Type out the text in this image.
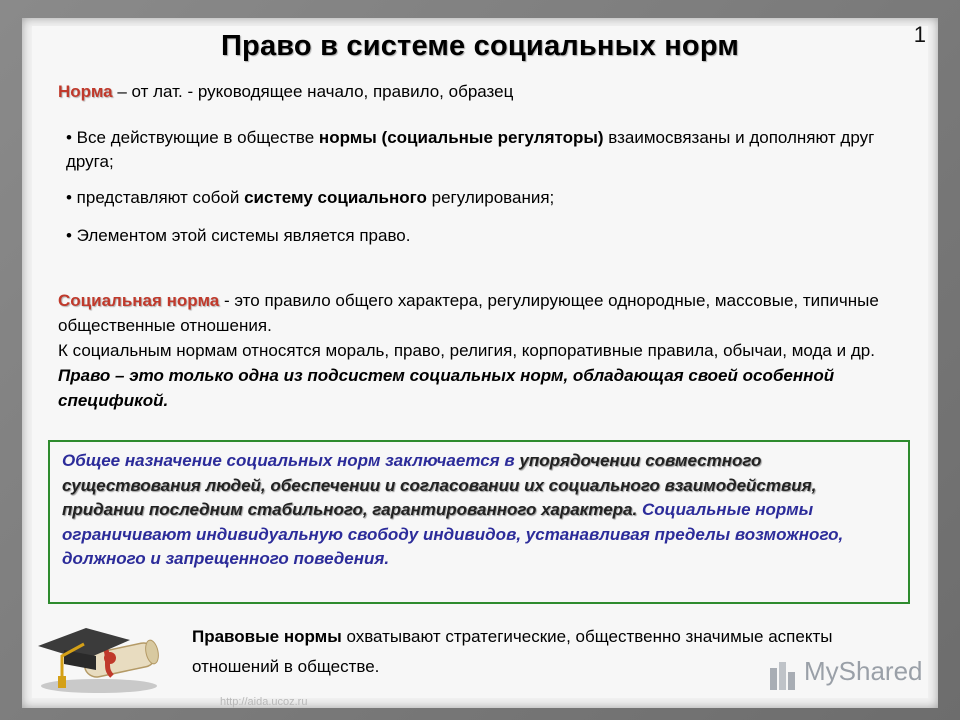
1
Право в системе социальных норм
Норма – от лат. - руководящее начало, правило, образец
• Все действующие в обществе нормы (социальные регуляторы) взаимосвязаны и дополняют друг друга;
• представляют собой систему социального регулирования;
• Элементом этой системы является право.

Социальная норма - это правило общего характера, регулирующее однородные, массовые, типичные общественные отношения.

К социальным нормам относятся мораль, право, религия, корпоративные правила, обычаи, мода и др.

Право – это только одна из подсистем социальных норм, обладающая своей особенной спецификой.

Общее назначение социальных норм заключается в упорядочении совместного существования людей, обеспечении и согласовании их социального взаимодействия, придании последним стабильного, гарантированного характера. Социальные нормы ограничивают индивидуальную свободу индивидов, устанавливая пределы возможного, должного и запрещенного поведения.
Правовые нормы охватывают стратегические, общественно значимые аспекты отношений в обществе.	MyShared
http://aida.ucoz.ru
